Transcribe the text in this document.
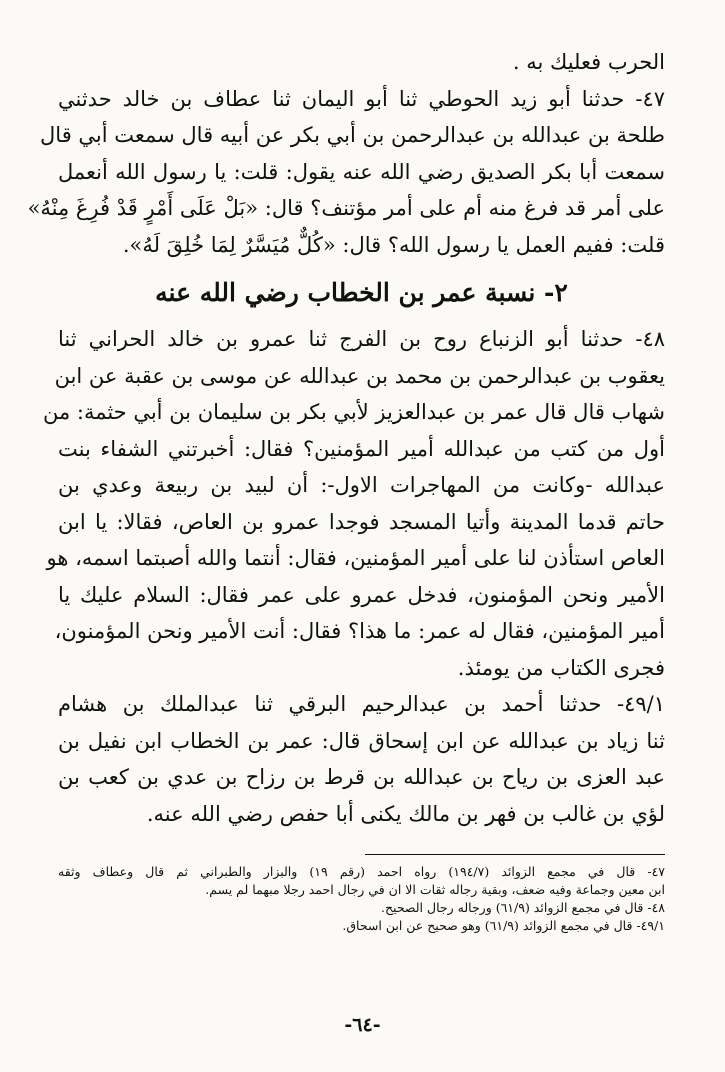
الحرب فعليك به .
٤٧- حدثنا أبو زيد الحوطي ثنا أبو اليمان ثنا عطاف بن خالد حدثني
طلحة بن عبدالله بن عبدالرحمن بن أبي بكر عن أبيه قال سمعت أبي قال
سمعت أبا بكر الصديق رضي الله عنه يقول: قلت: يا رسول الله أنعمل
على أمر قد فرغ منه أم على أمر مؤتنف؟ قال: «بَلْ عَلَى أَمْرٍ قَدْ فُرِغَ مِنْهُ»
قلت: ففيم العمل يا رسول الله؟ قال: «كُلٌّ مُيَسَّرٌ لِمَا خُلِقَ لَهُ».
٢- نسبة عمر بن الخطاب رضي الله عنه
٤٨- حدثنا أبو الزنباع روح بن الفرج ثنا عمرو بن خالد الحراني ثنا
يعقوب بن عبدالرحمن بن محمد بن عبدالله عن موسى بن عقبة عن ابن
شهاب قال قال عمر بن عبدالعزيز لأبي بكر بن سليمان بن أبي حثمة: من
أول من كتب من عبدالله أمير المؤمنين؟ فقال: أخبرتني الشفاء بنت
عبدالله -وكانت من المهاجرات الاول-: أن لبيد بن ربيعة وعدي بن
حاتم قدما المدينة وأتيا المسجد فوجدا عمرو بن العاص، فقالا: يا ابن
العاص استأذن لنا على أمير المؤمنين، فقال: أنتما والله أصبتما اسمه، هو
الأمير ونحن المؤمنون، فدخل عمرو على عمر فقال: السلام عليك يا
أمير المؤمنين، فقال له عمر: ما هذا؟ فقال: أنت الأمير ونحن المؤمنون،
فجرى الكتاب من يومئذ.
٤٩/١- حدثنا أحمد بن عبدالرحيم البرقي ثنا عبدالملك بن هشام
ثنا زياد بن عبدالله عن ابن إسحاق قال: عمر بن الخطاب ابن نفيل بن
عبد العزى بن رياح بن عبدالله بن قرط بن رزاح بن عدي بن كعب بن
لؤي بن غالب بن فهر بن مالك يكنى أبا حفص رضي الله عنه.
٤٧- قال في مجمع الزوائد (١٩٤/٧) رواه احمد (رقم ١٩) والبزار والطبراني ثم قال وعطاف وثقه
ابن معين وجماعة وفيه ضعف، وبقية رجاله ثقات الا ان في رجال احمد رجلا مبهما لم يسم.
٤٨- قال في مجمع الزوائد (٦١/٩) ورجاله رجال الصحيح.
٤٩/١- قال في مجمع الزوائد (٦١/٩) وهو صحيح عن ابن اسحاق.
-٦٤-
